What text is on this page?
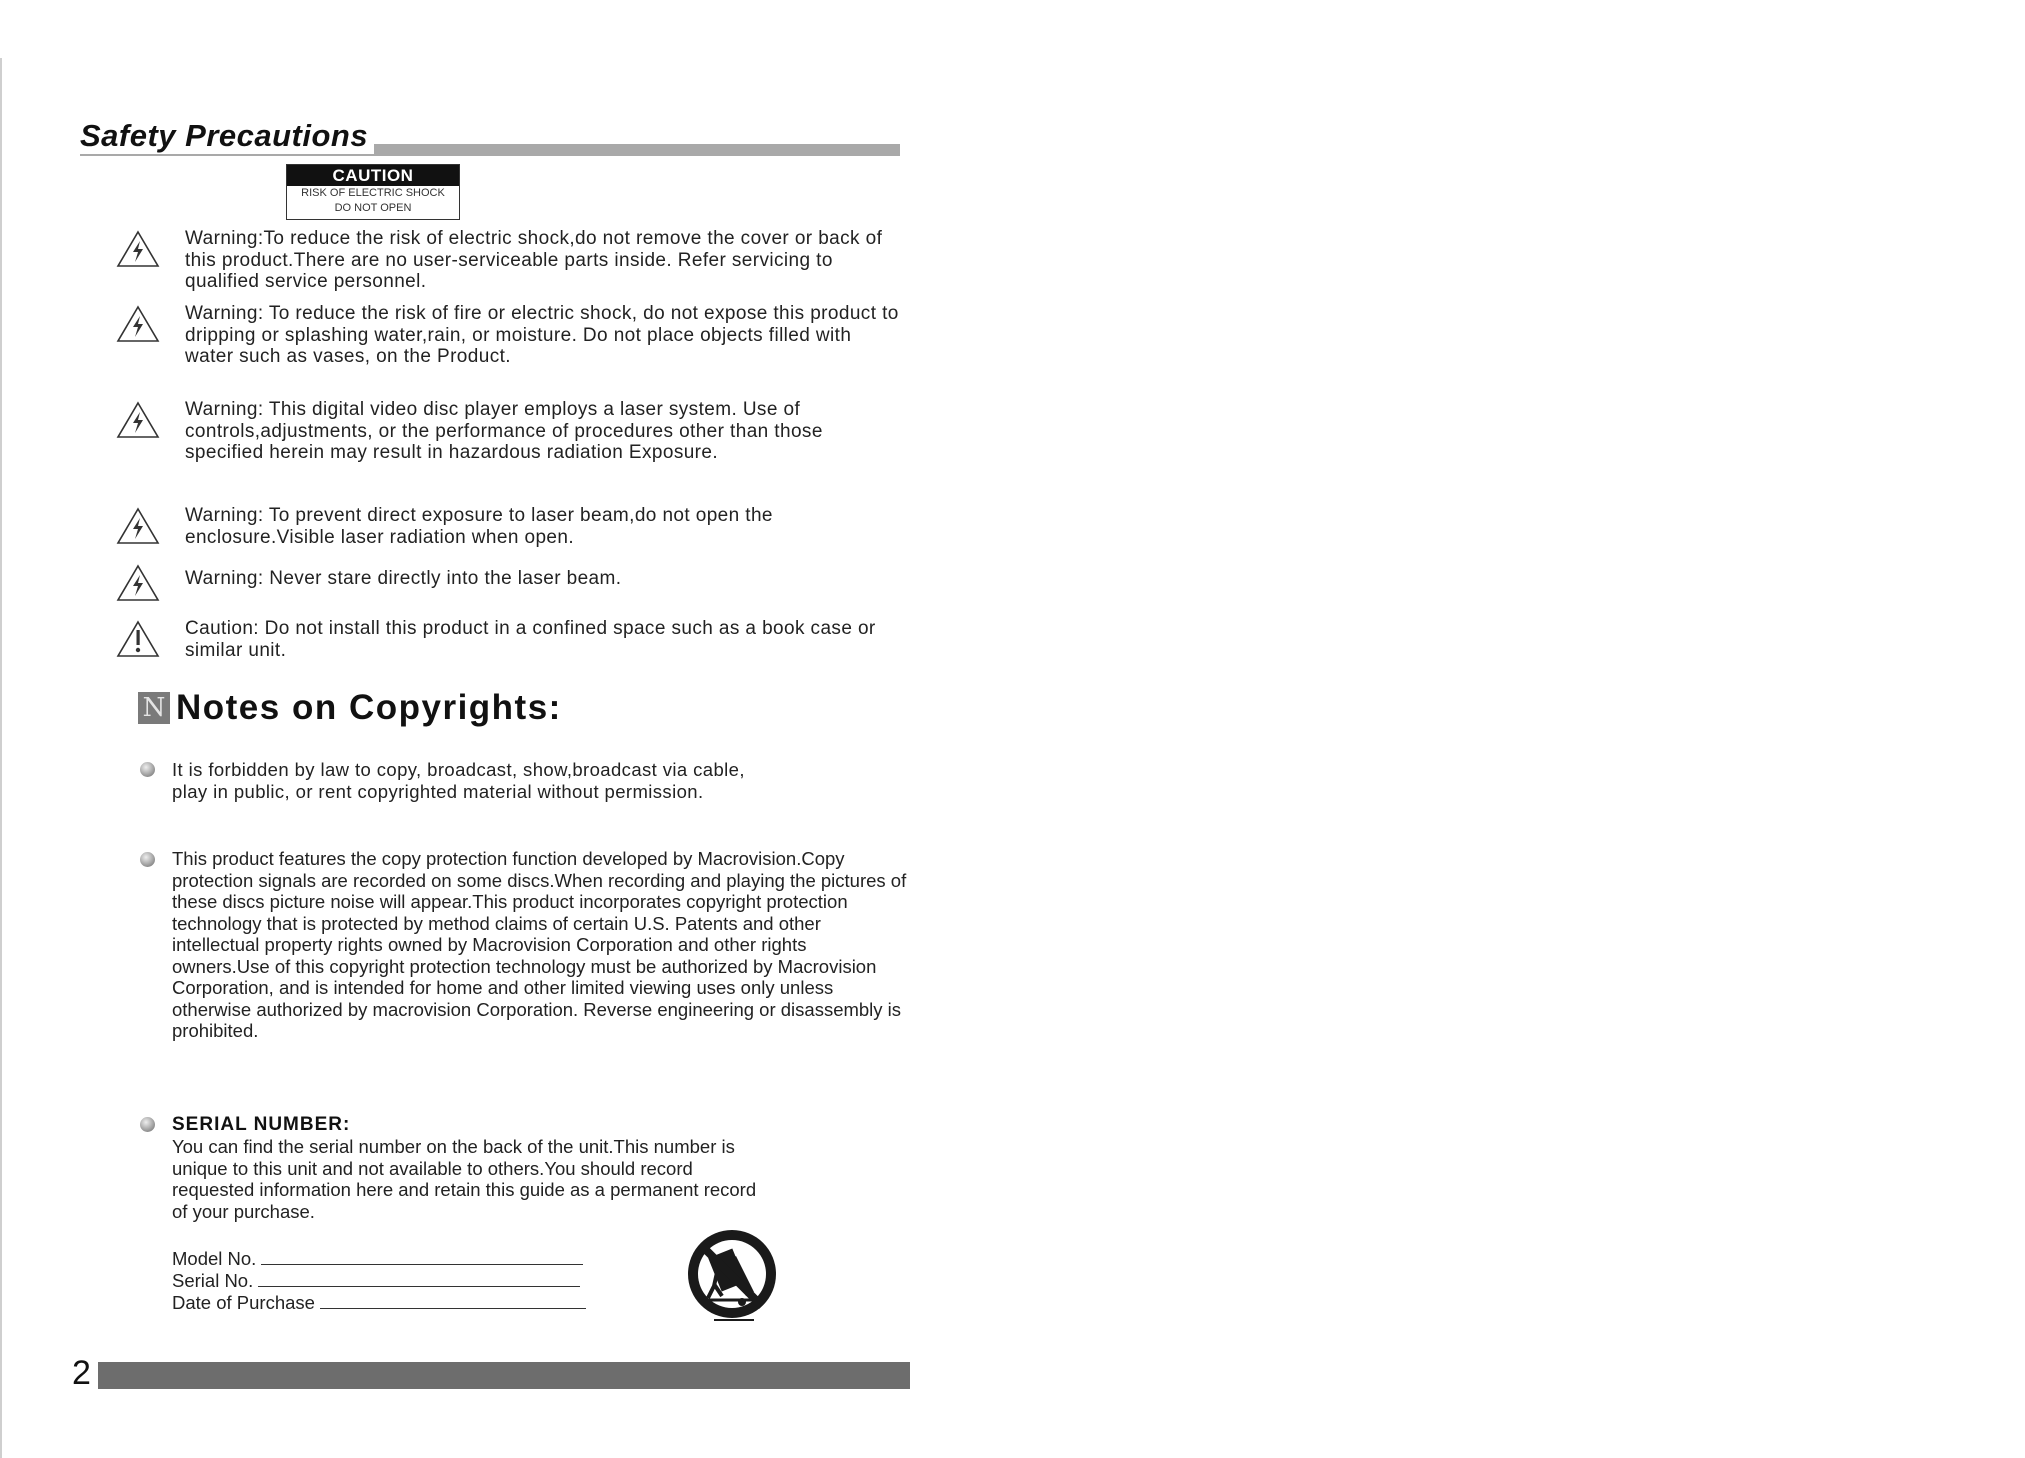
Safety Precautions
CAUTION
RISK OF ELECTRIC SHOCK
DO NOT OPEN
Warning:To reduce the risk of electric shock,do not remove the cover or back of this product.There are no user-serviceable parts inside. Refer servicing to qualified service personnel.
Warning: To reduce the risk of fire or electric shock, do not expose this product to dripping or splashing water,rain, or moisture. Do not place objects filled with water such as vases, on the Product.
Warning: This digital video disc player employs a laser system. Use of controls,adjustments, or the performance of procedures other than those specified herein may result in hazardous radiation Exposure.
Warning: To prevent direct exposure to laser beam,do not open the enclosure.Visible laser radiation when open.
Warning: Never stare directly into the laser beam.
Caution: Do not install this product in a confined space such as a book case or similar unit.
N Notes on Copyrights:
It is forbidden by law to copy, broadcast, show,broadcast via cable, play in public, or rent copyrighted material without permission.
This product features the copy protection function developed by Macrovision.Copy protection signals are recorded on some discs.When recording and playing the pictures of these discs picture noise will appear.This product incorporates copyright protection technology that is protected by method claims of certain U.S. Patents and other intellectual property rights owned by Macrovision Corporation and other rights owners.Use of this copyright protection technology must be authorized by Macrovision Corporation, and is intended for home and other limited viewing uses only unless otherwise authorized by macrovision Corporation. Reverse engineering or disassembly is prohibited.
SERIAL NUMBER:
You can find the serial number on the back of the unit.This number is unique to this unit and not available to others.You should record requested information here and retain this guide as a permanent record of your purchase.
Model No.
Serial No.
Date of Purchase
2
